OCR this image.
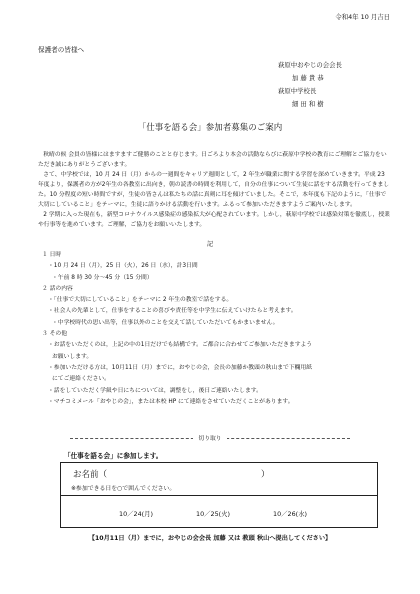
令和4年 10 月吉日
保護者の皆様へ
萩原中おやじの会会長
加 藤 貴 恭
萩原中学校長
細 田 和 樹
「仕事を語る会」参加者募集のご案内

秋晴の候 会員の皆様にはますますご健勝のことと存じます。日ごろより本会の活動ならびに萩原中学校の教育にご理解とご協力をいただき誠にありがとうございます。

さて、中学校では，10 月 24 日（月）からの一週間をキャリア週間として，2 年生が職業に関する学習を深めていきます。平成 23 年度より，保護者の方が2年生の各教室に出向き，朝の読書の時間を利用して，自分の仕事について生徒に話をする活動を行ってきました。10 分程度の短い時間ですが，生徒の皆さんは私たちの話に真剣に耳を傾けていました。そこで，本年度も下記のように，「仕事で大切にしていること」をテーマに，生徒に語りかける活動を行います。ふるって参加いただきますようご案内いたします。

2 学期に入った現在も，新型コロナウイルス感染症の感染拡大が心配されています。しかし，萩原中学校では感染対策を徹底し，授業や行事等を進めています。ご理解，ご協力をお願いいたします。

記
１ 日時
・10 月 24 日（月），25 日（火），26 日（水），計3日間
・午前 8 時 30 分～45 分（15 分間）
２ 話の内容
・「仕事で大切にしていること」をテーマに 2 年生の教室で話をする。
・社会人の先輩として，仕事をすることの喜びや責任等を中学生に伝えていけたらと考えます。
・中学校時代の思い出等，仕事以外のことを交えて話していただいてもかまいません。
３ その他
・お話をいただくのは，上記の中の1日だけでも結構です。ご都合に合わせてご参加いただきますよう
お願いします。
・参加いただける方は，10月11日（月）までに，おやじの会，会長の加藤か教頭の秋山まで下欄用紙
にてご連絡ください。
・話をしていただく学級や日にちについては，調整をし，後日ご連絡いたします。
・マチコミメール「おやじの会」，または本校 HP にて連絡をさせていただくことがあります。
切り取り
「仕事を語る会」に参加します。
お名前（	）
※参加できる日を○で囲んでください。
10／24(月)	10／25(火)	10／26(水)
【10月11日（月）までに，おやじの会会長 加藤 又は 教頭 秋山へ提出してください】
